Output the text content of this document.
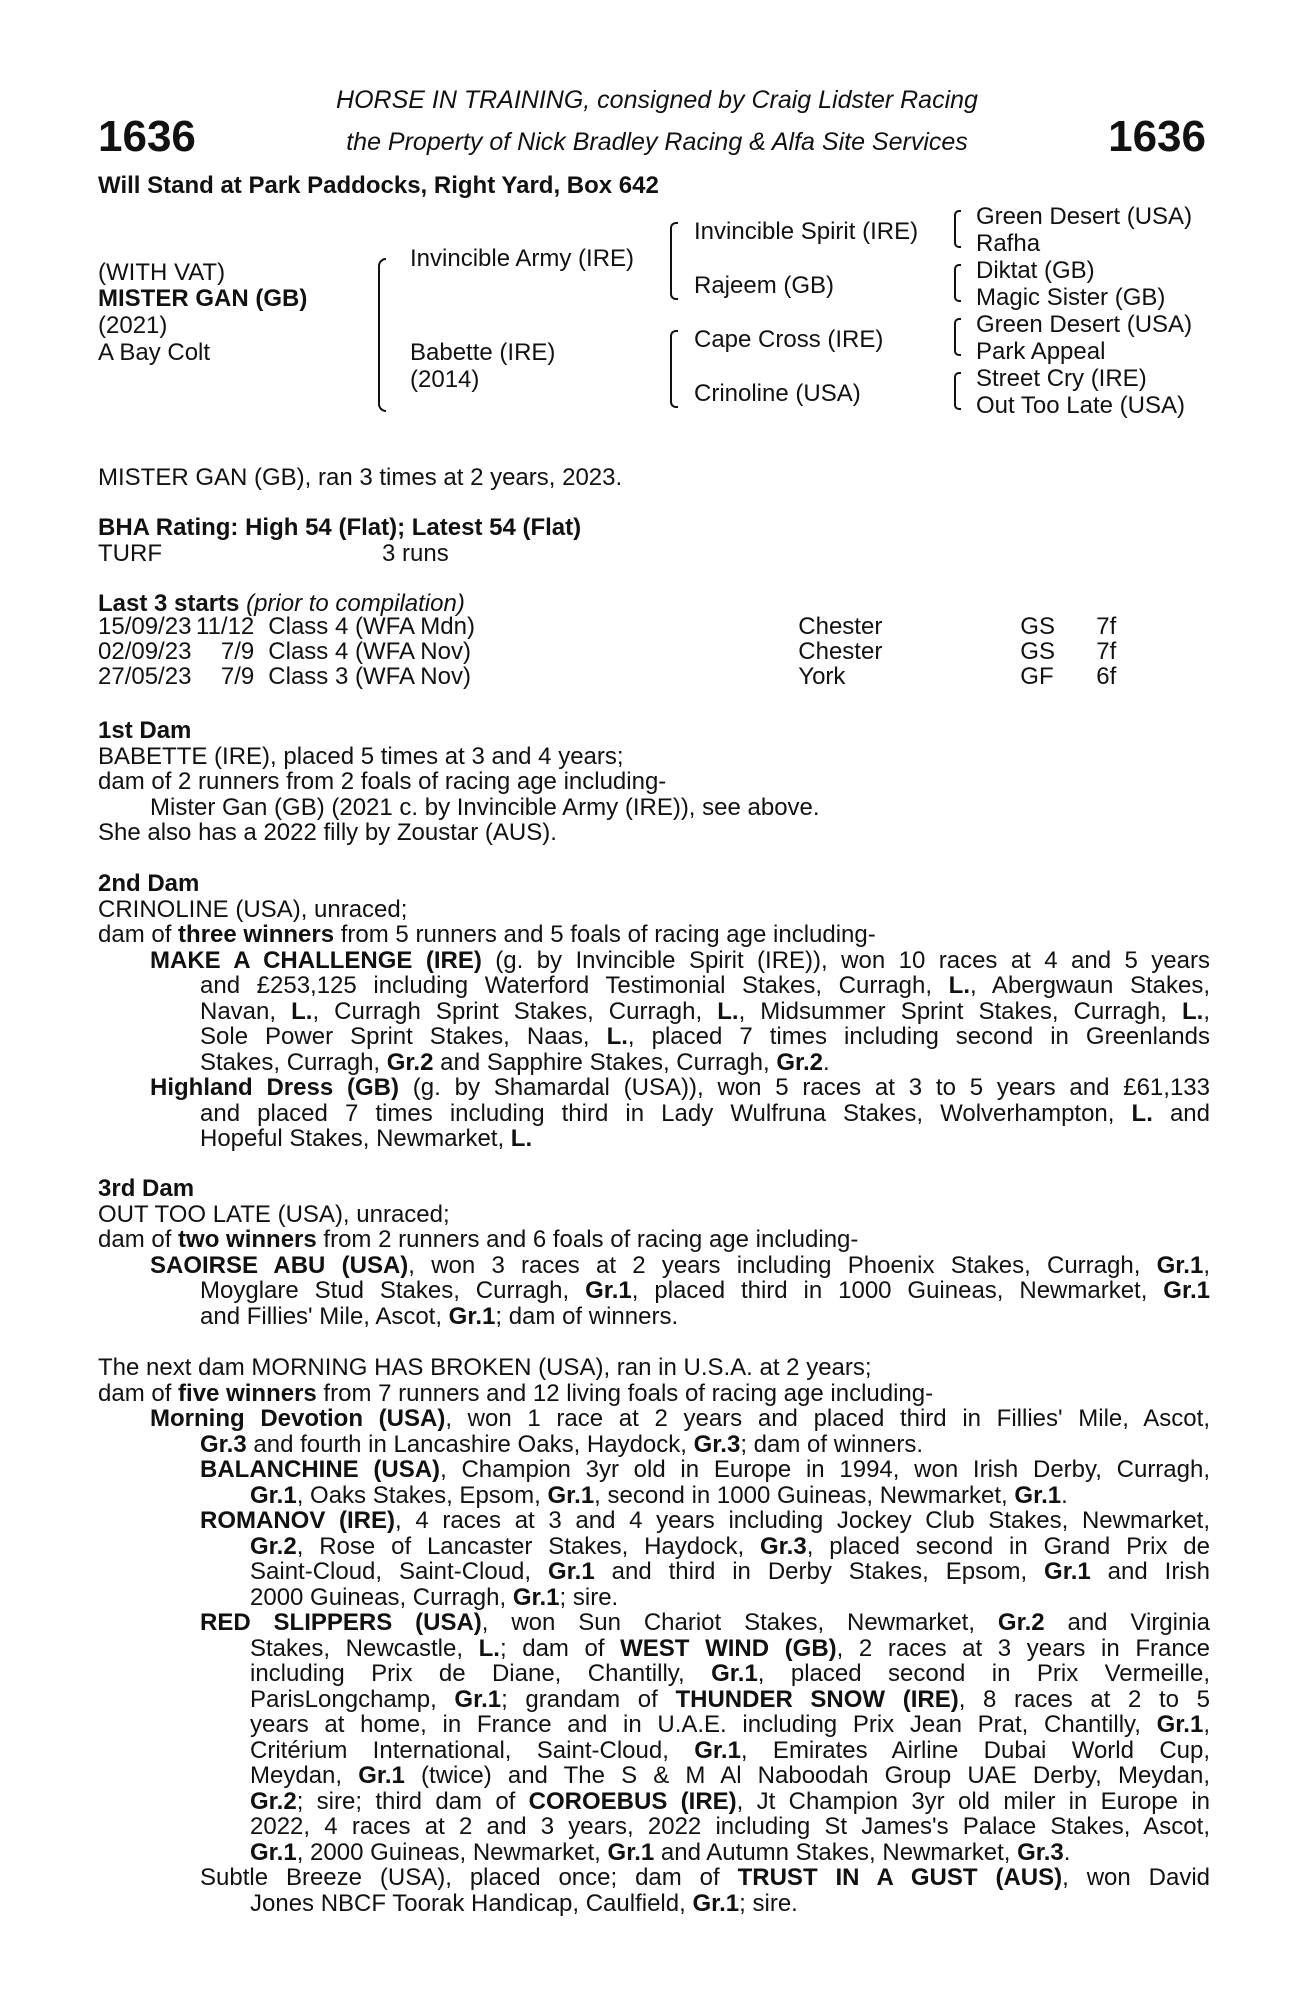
1636	1636
HORSE IN TRAINING, consigned by Craig Lidster Racing
the Property of Nick Bradley Racing & Alfa Site Services
Will Stand at Park Paddocks, Right Yard, Box 642
(WITH VAT)
MISTER GAN (GB)
(2021)
A Bay Colt
Invincible Army (IRE)
Babette (IRE)
(2014)
Invincible Spirit (IRE)
Rajeem (GB)
Cape Cross (IRE)
Crinoline (USA)
Green Desert (USA)
Rafha
Diktat (GB)
Magic Sister (GB)
Green Desert (USA)
Park Appeal
Street Cry (IRE)
Out Too Late (USA)
MISTER GAN (GB), ran 3 times at 2 years, 2023.
BHA Rating: High 54 (Flat); Latest 54 (Flat)
TURF	3 runs
Last 3 starts (prior to compilation)
15/09/23	11/12	Class 4 (WFA Mdn)	Chester	GS	7f
02/09/23	7/9	Class 4 (WFA Nov)	Chester	GS	7f
27/05/23	7/9	Class 3 (WFA Nov)	York	GF	6f

1st Dam

BABETTE (IRE), placed 5 times at 3 and 4 years;

dam of 2 runners from 2 foals of racing age including-

Mister Gan (GB) (2021 c. by Invincible Army (IRE)), see above.

She also has a 2022 filly by Zoustar (AUS).

2nd Dam

CRINOLINE (USA), unraced;

dam of three winners from 5 runners and 5 foals of racing age including-

MAKE A CHALLENGE (IRE) (g. by Invincible Spirit (IRE)), won 10 races at 4 and 5 years

and £253,125 including Waterford Testimonial Stakes, Curragh, L., Abergwaun Stakes,

Navan, L., Curragh Sprint Stakes, Curragh, L., Midsummer Sprint Stakes, Curragh, L.,

Sole Power Sprint Stakes, Naas, L., placed 7 times including second in Greenlands

Stakes, Curragh, Gr.2 and Sapphire Stakes, Curragh, Gr.2.

Highland Dress (GB) (g. by Shamardal (USA)), won 5 races at 3 to 5 years and £61,133

and placed 7 times including third in Lady Wulfruna Stakes, Wolverhampton, L. and

Hopeful Stakes, Newmarket, L.

3rd Dam

OUT TOO LATE (USA), unraced;

dam of two winners from 2 runners and 6 foals of racing age including-

SAOIRSE ABU (USA), won 3 races at 2 years including Phoenix Stakes, Curragh, Gr.1,

Moyglare Stud Stakes, Curragh, Gr.1, placed third in 1000 Guineas, Newmarket, Gr.1

and Fillies' Mile, Ascot, Gr.1; dam of winners.

The next dam MORNING HAS BROKEN (USA), ran in U.S.A. at 2 years;

dam of five winners from 7 runners and 12 living foals of racing age including-

Morning Devotion (USA), won 1 race at 2 years and placed third in Fillies' Mile, Ascot,

Gr.3 and fourth in Lancashire Oaks, Haydock, Gr.3; dam of winners.

BALANCHINE (USA), Champion 3yr old in Europe in 1994, won Irish Derby, Curragh,

Gr.1, Oaks Stakes, Epsom, Gr.1, second in 1000 Guineas, Newmarket, Gr.1.

ROMANOV (IRE), 4 races at 3 and 4 years including Jockey Club Stakes, Newmarket,

Gr.2, Rose of Lancaster Stakes, Haydock, Gr.3, placed second in Grand Prix de

Saint-Cloud, Saint-Cloud, Gr.1 and third in Derby Stakes, Epsom, Gr.1 and Irish

2000 Guineas, Curragh, Gr.1; sire.

RED SLIPPERS (USA), won Sun Chariot Stakes, Newmarket, Gr.2 and Virginia

Stakes, Newcastle, L.; dam of WEST WIND (GB), 2 races at 3 years in France

including Prix de Diane, Chantilly, Gr.1, placed second in Prix Vermeille,

ParisLongchamp, Gr.1; grandam of THUNDER SNOW (IRE), 8 races at 2 to 5

years at home, in France and in U.A.E. including Prix Jean Prat, Chantilly, Gr.1,

Critérium International, Saint-Cloud, Gr.1, Emirates Airline Dubai World Cup,

Meydan, Gr.1 (twice) and The S & M Al Naboodah Group UAE Derby, Meydan,

Gr.2; sire; third dam of COROEBUS (IRE), Jt Champion 3yr old miler in Europe in

2022, 4 races at 2 and 3 years, 2022 including St James's Palace Stakes, Ascot,

Gr.1, 2000 Guineas, Newmarket, Gr.1 and Autumn Stakes, Newmarket, Gr.3.

Subtle Breeze (USA), placed once; dam of TRUST IN A GUST (AUS), won David

Jones NBCF Toorak Handicap, Caulfield, Gr.1; sire.
